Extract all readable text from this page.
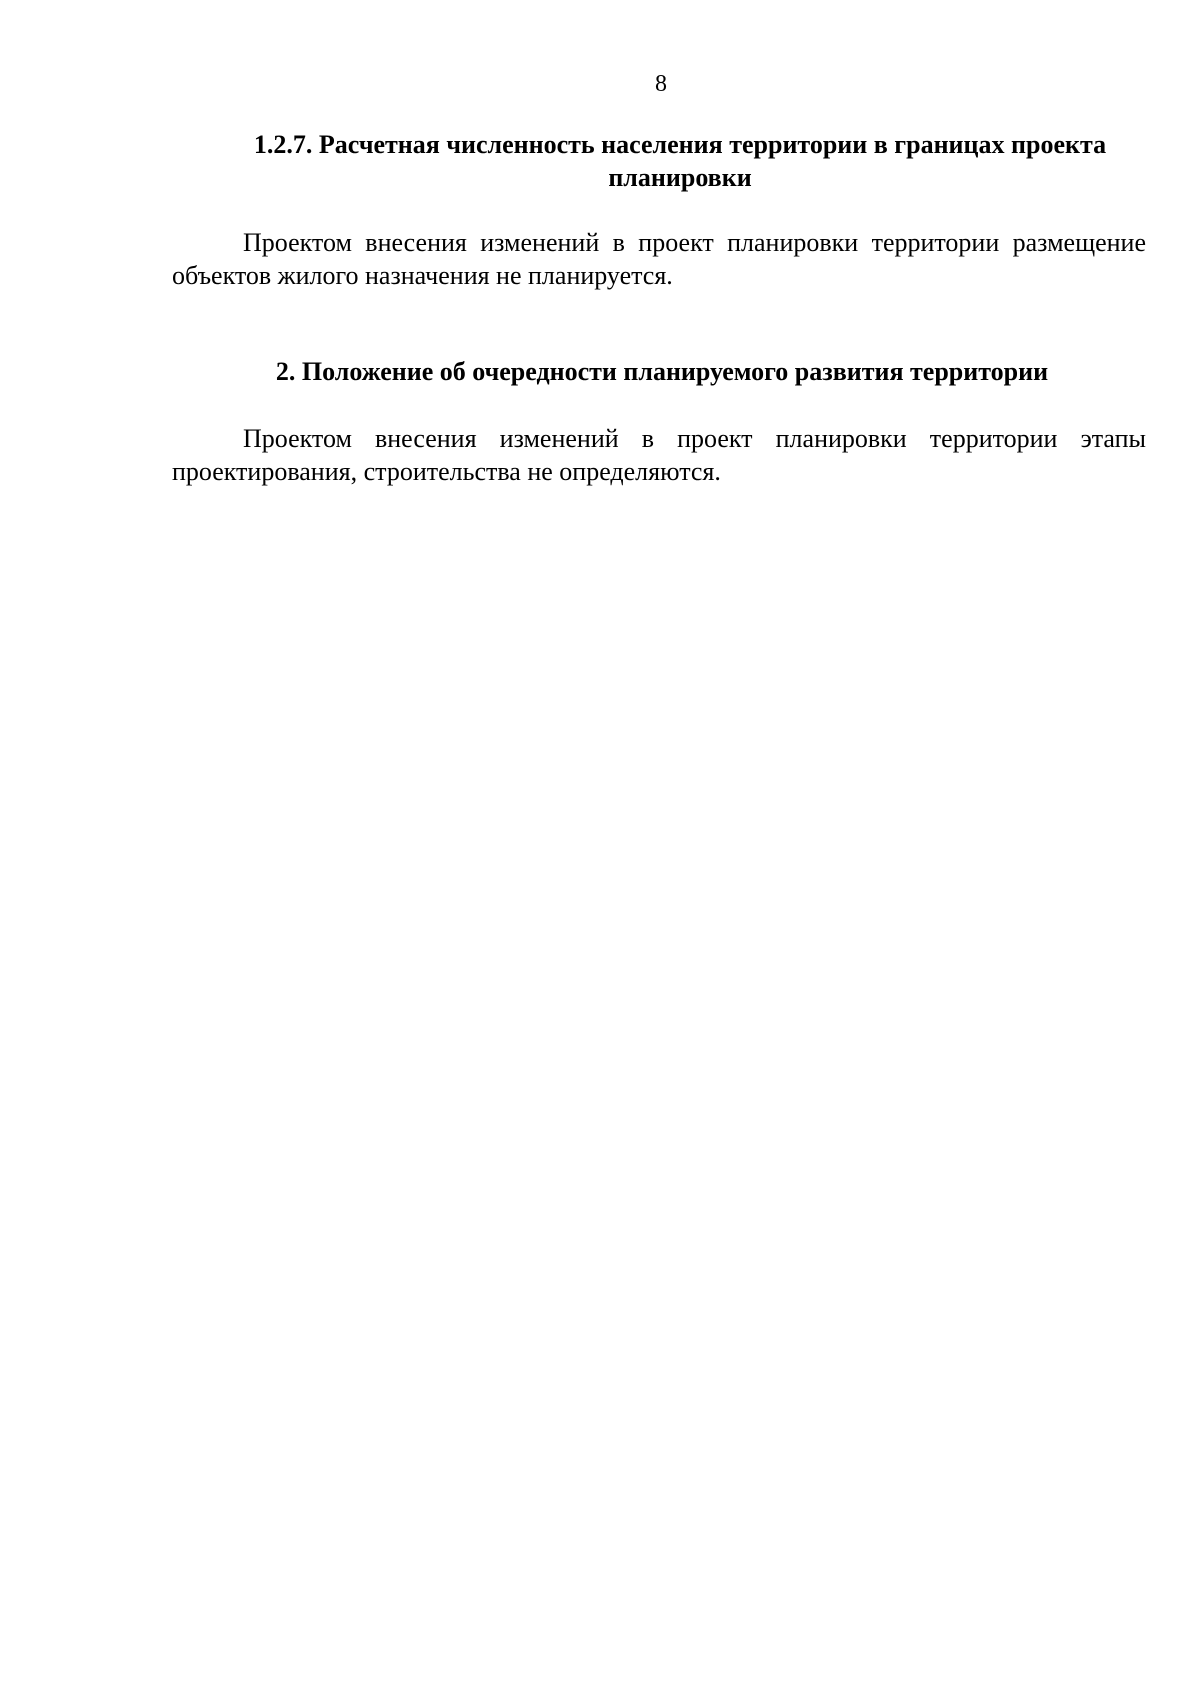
8
1.2.7. Расчетная численность населения территории в границах проекта планировки

Проектом внесения изменений в проект планировки территории размещение объектов жилого назначения не планируется.

2. Положение об очередности планируемого развития территории

Проектом внесения изменений в проект планировки территории этапы проектирования, строительства не определяются.
